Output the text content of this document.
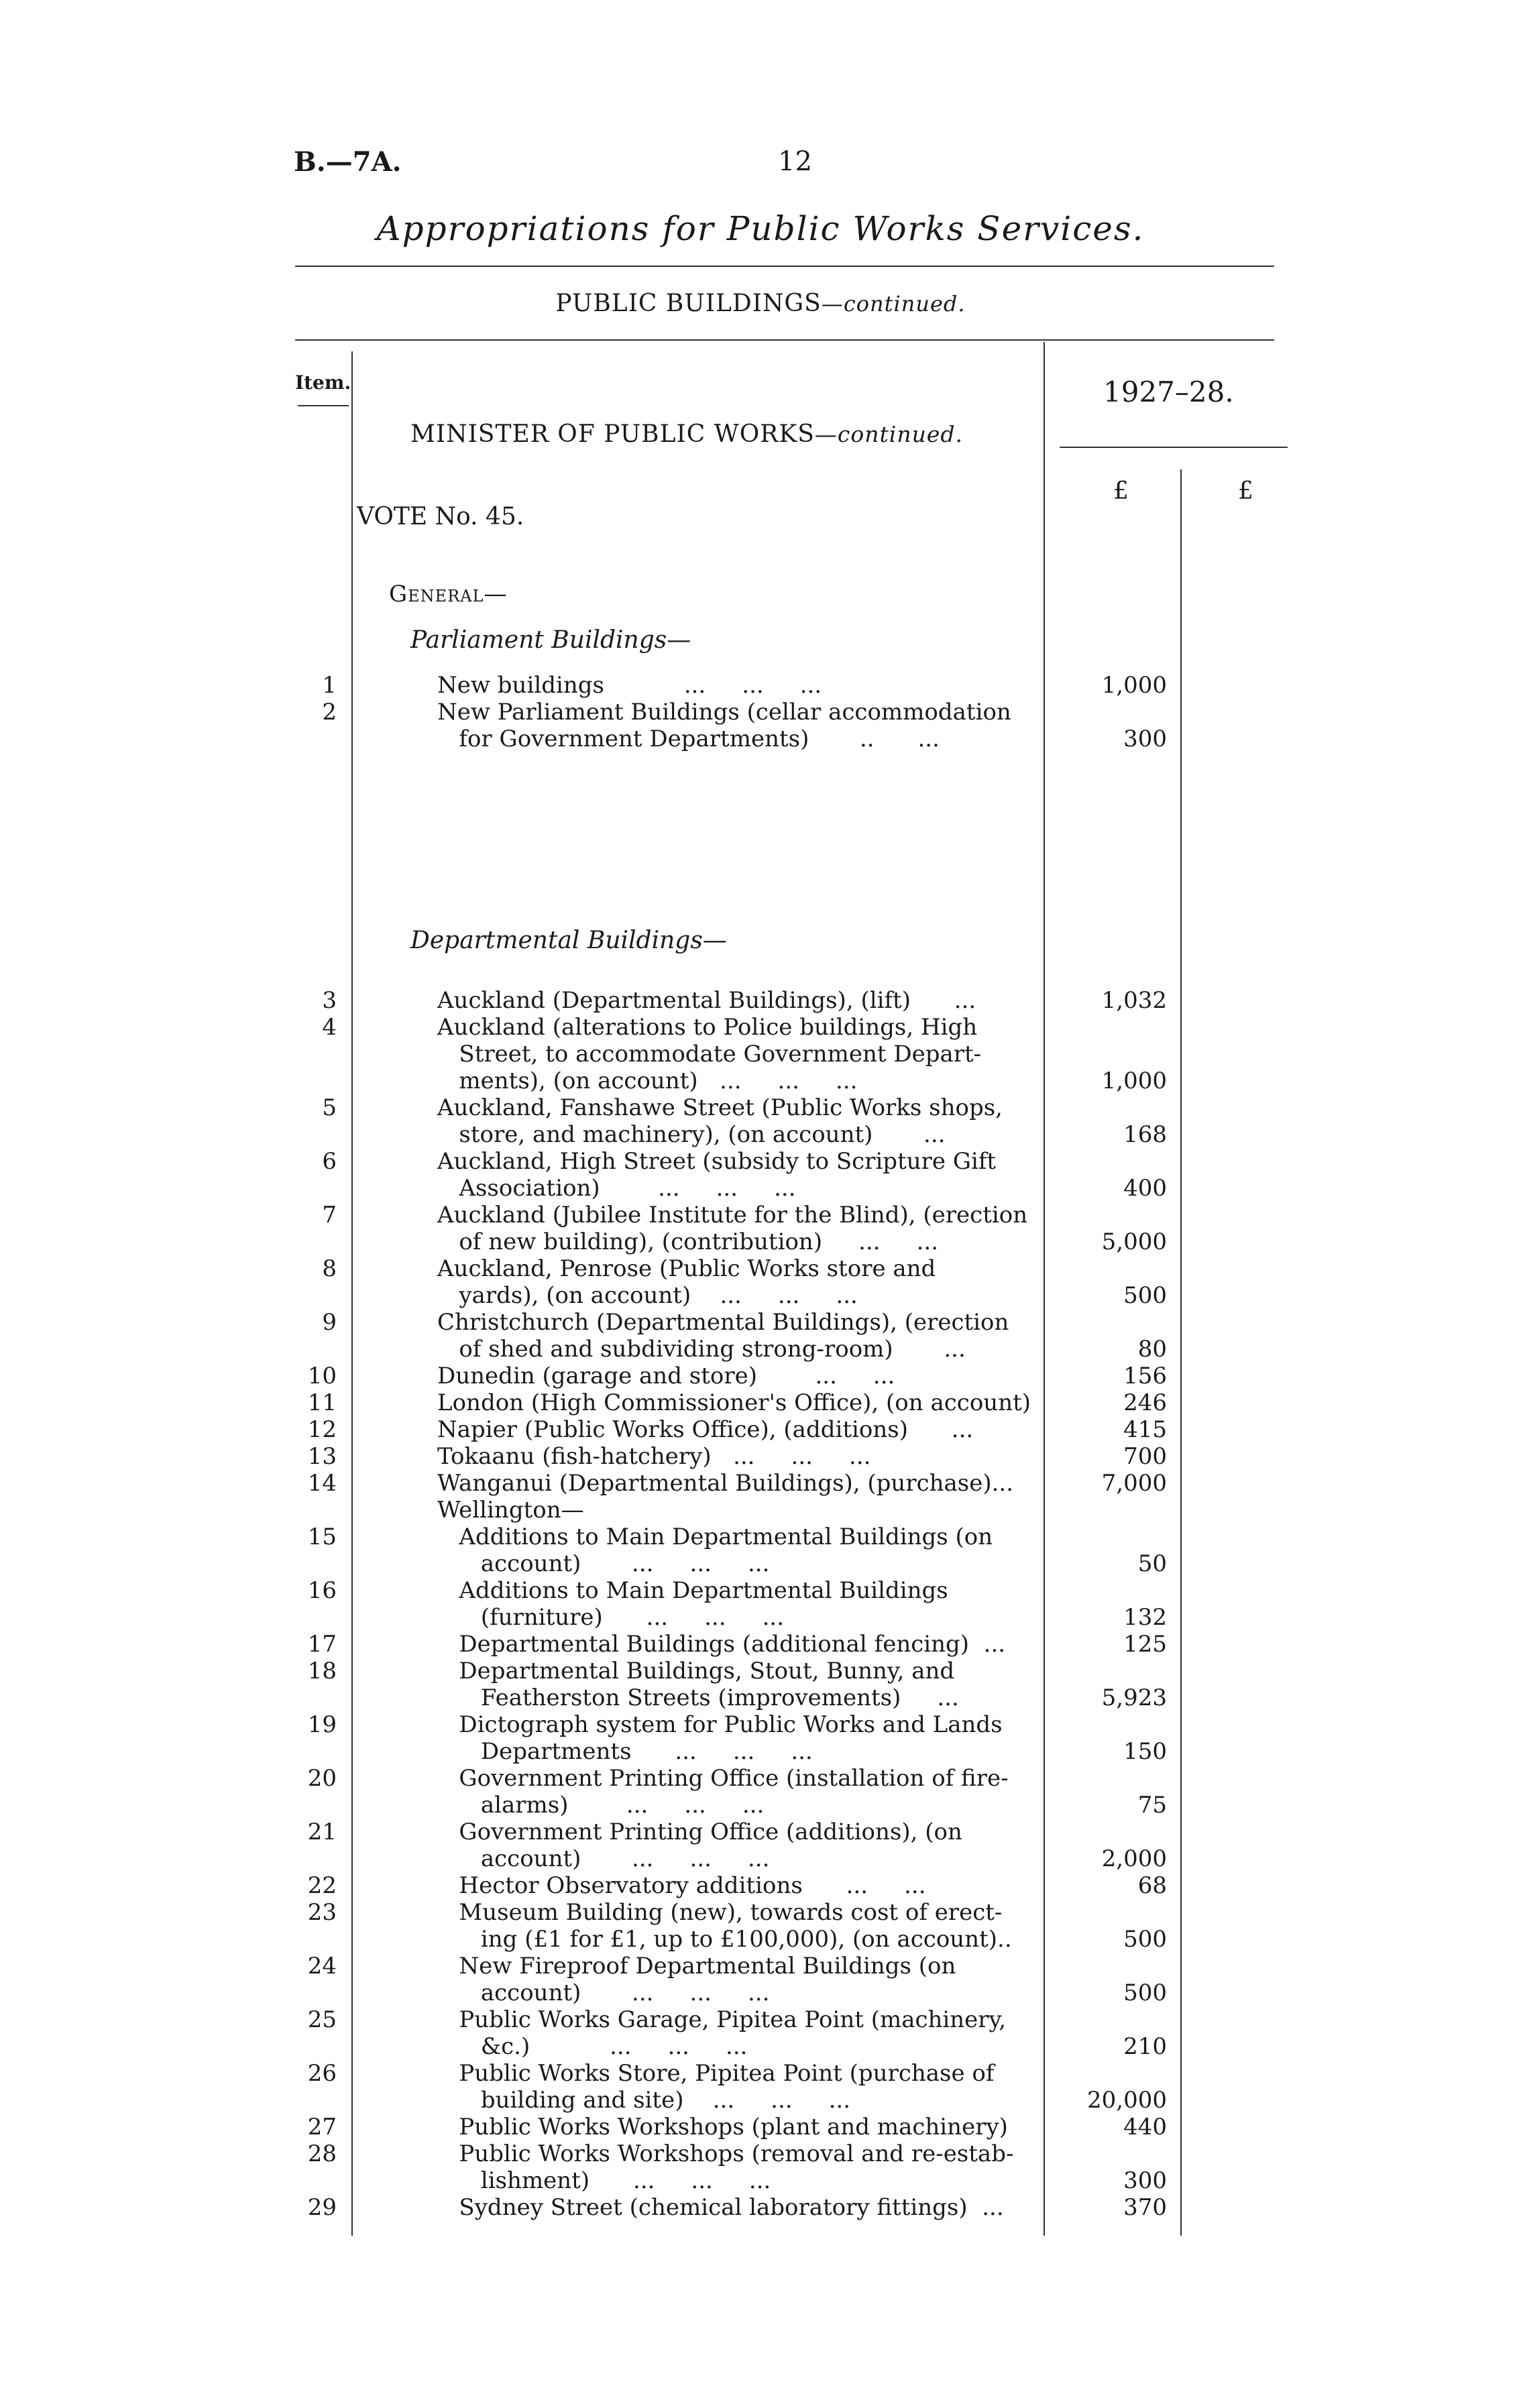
B.—7A.	12
Appropriations for Public Works Services.
PUBLIC BUILDINGS—continued.
Item.	1927–28.
£	£
MINISTER OF PUBLIC WORKS—continued.
VOTE No. 45.
General—
Parliament Buildings—
Departmental Buildings—
1	New buildings           ...     ...     ...	1,000
2	New Parliament Buildings (cellar accommodation
for Government Departments)       ..      ...	300
3	Auckland (Departmental Buildings), (lift)      ...	1,032
4	Auckland (alterations to Police buildings, High
Street, to accommodate Government Depart-
ments), (on account)   ...     ...     ...	1,000
5	Auckland, Fanshawe Street (Public Works shops,
store, and machinery), (on account)       ...	168
6	Auckland, High Street (subsidy to Scripture Gift
Association)        ...     ...     ...	400
7	Auckland (Jubilee Institute for the Blind), (erection
of new building), (contribution)     ...     ...	5,000
8	Auckland, Penrose (Public Works store and
yards), (on account)    ...     ...     ...	500
9	Christchurch (Departmental Buildings), (erection
of shed and subdividing strong-room)       ...	80
10	Dunedin (garage and store)        ...     ...	156
11	London (High Commissioner's Office), (on account)	246
12	Napier (Public Works Office), (additions)      ...	415
13	Tokaanu (fish-hatchery)   ...     ...     ...	700
14	Wanganui (Departmental Buildings), (purchase)...	7,000
Wellington—
15	Additions to Main Departmental Buildings (on
account)       ...     ...     ...	50
16	Additions to Main Departmental Buildings
(furniture)      ...     ...     ...	132
17	Departmental Buildings (additional fencing)  ...	125
18	Departmental Buildings, Stout, Bunny, and
Featherston Streets (improvements)     ...	5,923
19	Dictograph system for Public Works and Lands
Departments      ...     ...     ...	150
20	Government Printing Office (installation of fire-
alarms)        ...     ...     ...	75
21	Government Printing Office (additions), (on
account)       ...     ...     ...	2,000
22	Hector Observatory additions      ...     ...	68
23	Museum Building (new), towards cost of erect-
ing (£1 for £1, up to £100,000), (on account)..	500
24	New Fireproof Departmental Buildings (on
account)       ...     ...     ...	500
25	Public Works Garage, Pipitea Point (machinery,
&c.)           ...     ...     ...	210
26	Public Works Store, Pipitea Point (purchase of
building and site)    ...     ...     ...	20,000
27	Public Works Workshops (plant and machinery)	440
28	Public Works Workshops (removal and re-estab-
lishment)      ...     ...     ...	300
29	Sydney Street (chemical laboratory fittings)  ...	370
